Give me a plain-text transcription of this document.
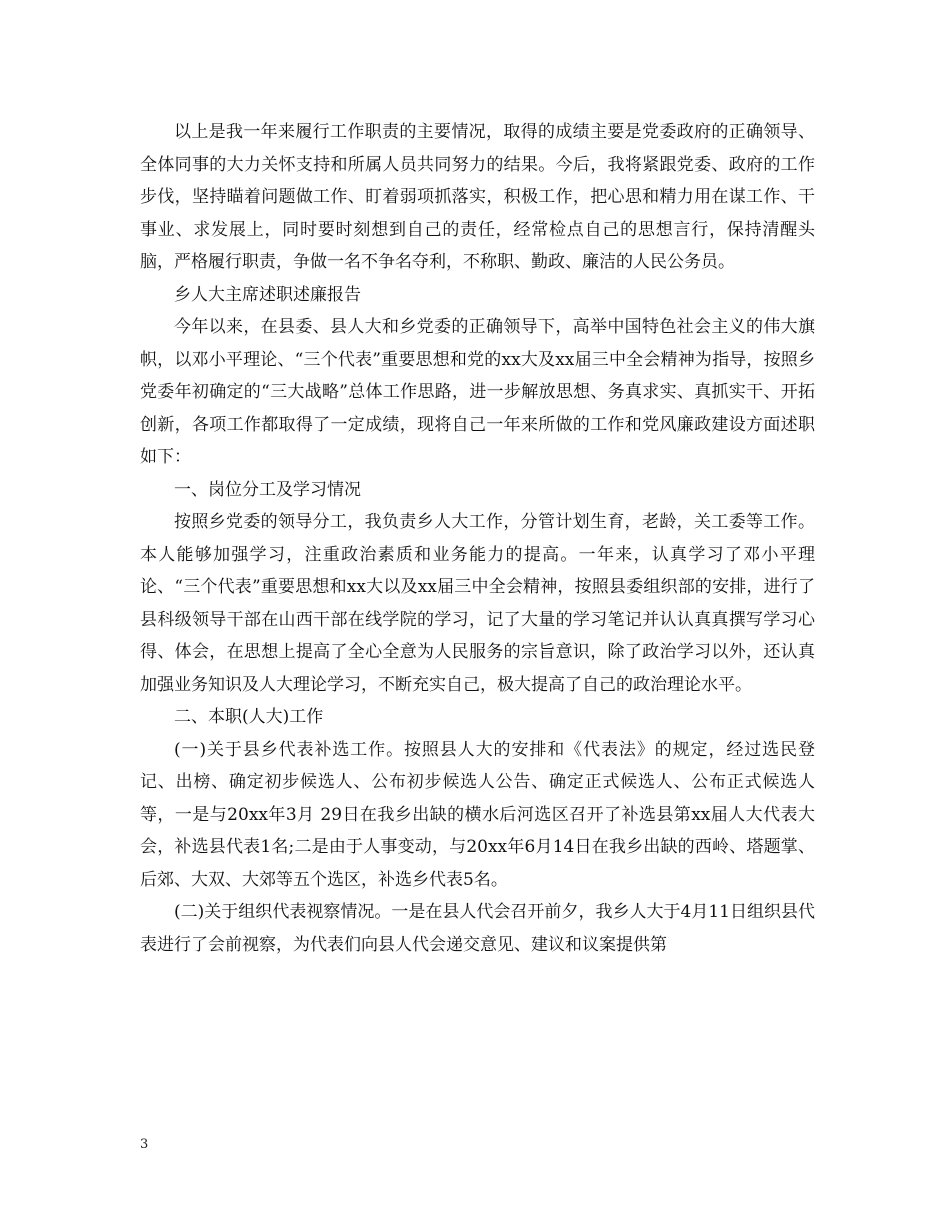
以上是我一年来履行工作职责的主要情况，取得的成绩主要是党委政府的正确领导、全体同事的大力关怀支持和所属人员共同努力的结果。今后，我将紧跟党委、政府的工作步伐，坚持瞄着问题做工作、盯着弱项抓落实，积极工作，把心思和精力用在谋工作、干事业、求发展上，同时要时刻想到自己的责任，经常检点自己的思想言行，保持清醒头脑，严格履行职责，争做一名不争名夺利，不称职、勤政、廉洁的人民公务员。

乡人大主席述职述廉报告

今年以来，在县委、县人大和乡党委的正确领导下，高举中国特色社会主义的伟大旗帜，以邓小平理论、“三个代表”重要思想和党的xx大及xx届三中全会精神为指导，按照乡党委年初确定的“三大战略”总体工作思路，进一步解放思想、务真求实、真抓实干、开拓创新，各项工作都取得了一定成绩，现将自己一年来所做的工作和党风廉政建设方面述职如下：

一、岗位分工及学习情况

按照乡党委的领导分工，我负责乡人大工作，分管计划生育，老龄，关工委等工作。本人能够加强学习，注重政治素质和业务能力的提高。一年来，认真学习了邓小平理论、“三个代表”重要思想和xx大以及xx届三中全会精神，按照县委组织部的安排，进行了县科级领导干部在山西干部在线学院的学习，记了大量的学习笔记并认认真真撰写学习心得、体会，在思想上提高了全心全意为人民服务的宗旨意识，除了政治学习以外，还认真加强业务知识及人大理论学习，不断充实自己，极大提高了自己的政治理论水平。

二、本职(人大)工作

(一)关于县乡代表补选工作。按照县人大的安排和《代表法》的规定，经过选民登记、出榜、确定初步候选人、公布初步候选人公告、确定正式候选人、公布正式候选人等，一是与20xx年3月 29日在我乡出缺的横水后河选区召开了补选县第xx届人大代表大会，补选县代表1名;二是由于人事变动，与20xx年6月14日在我乡出缺的西岭、塔题掌、后郊、大双、大郊等五个选区，补选乡代表5名。

(二)关于组织代表视察情况。一是在县人代会召开前夕，我乡人大于4月11日组织县代表进行了会前视察，为代表们向县人代会递交意见、建议和议案提供第

3
